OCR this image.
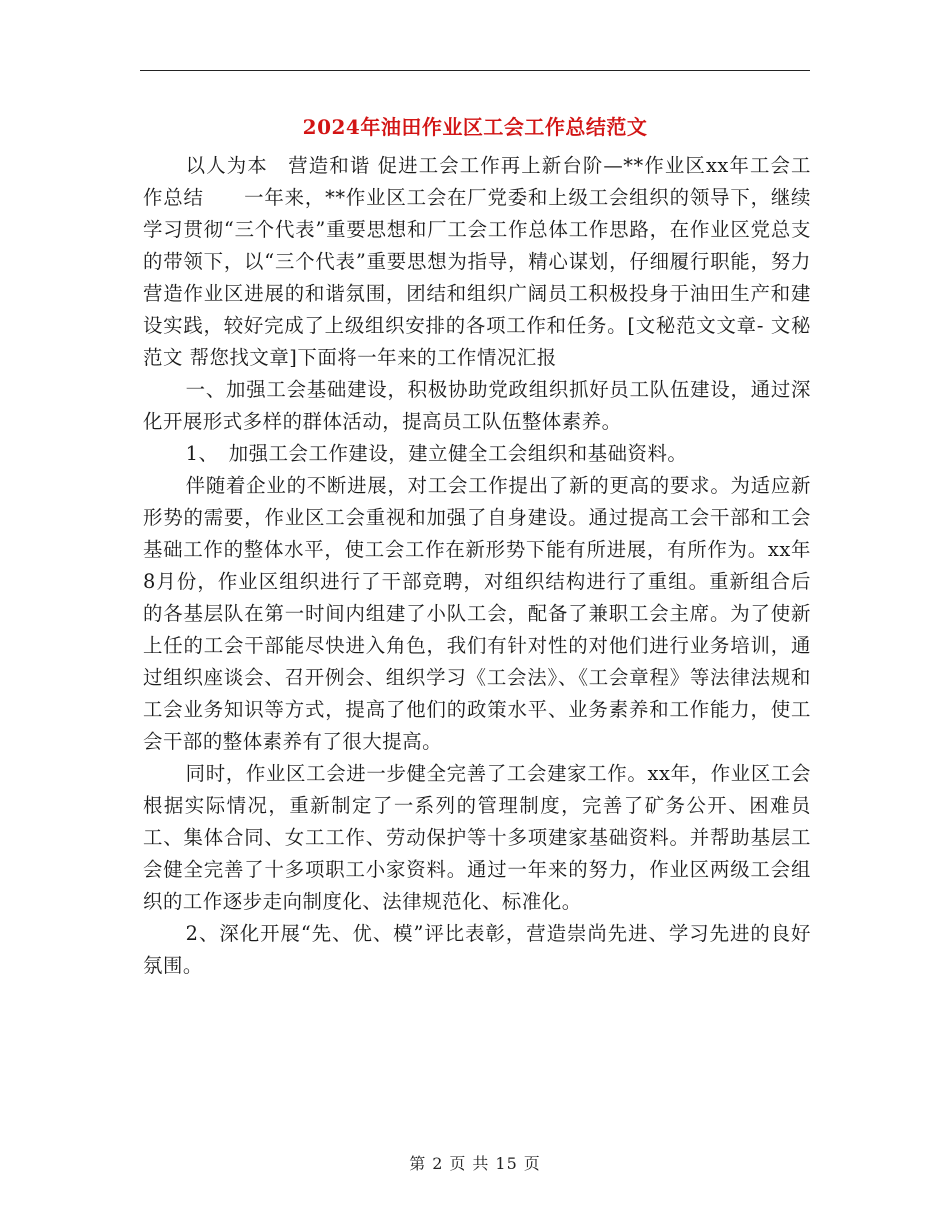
2024年油田作业区工会工作总结范文

以人为本　营造和谐 促进工会工作再上新台阶—**作业区xx年工会工作总结　　一年来，**作业区工会在厂党委和上级工会组织的领导下，继续学习贯彻“三个代表”重要思想和厂工会工作总体工作思路，在作业区党总支的带领下，以“三个代表”重要思想为指导，精心谋划，仔细履行职能，努力营造作业区进展的和谐氛围，团结和组织广阔员工积极投身于油田生产和建设实践，较好完成了上级组织安排的各项工作和任务。[文秘范文文章- 文秘范文 帮您找文章]下面将一年来的工作情况汇报

一、加强工会基础建设，积极协助党政组织抓好员工队伍建设，通过深化开展形式多样的群体活动，提高员工队伍整体素养。

1、　加强工会工作建设，建立健全工会组织和基础资料。

伴随着企业的不断进展，对工会工作提出了新的更高的要求。为适应新形势的需要，作业区工会重视和加强了自身建设。通过提高工会干部和工会基础工作的整体水平，使工会工作在新形势下能有所进展，有所作为。xx年8月份，作业区组织进行了干部竞聘，对组织结构进行了重组。重新组合后的各基层队在第一时间内组建了小队工会，配备了兼职工会主席。为了使新上任的工会干部能尽快进入角色，我们有针对性的对他们进行业务培训，通过组织座谈会、召开例会、组织学习《工会法》、《工会章程》等法律法规和工会业务知识等方式，提高了他们的政策水平、业务素养和工作能力，使工会干部的整体素养有了很大提高。

同时，作业区工会进一步健全完善了工会建家工作。xx年，作业区工会根据实际情况，重新制定了一系列的管理制度，完善了矿务公开、困难员工、集体合同、女工工作、劳动保护等十多项建家基础资料。并帮助基层工会健全完善了十多项职工小家资料。通过一年来的努力，作业区两级工会组织的工作逐步走向制度化、法律规范化、标准化。

2、深化开展“先、优、模”评比表彰，营造崇尚先进、学习先进的良好氛围。

第 2 页 共 15 页
